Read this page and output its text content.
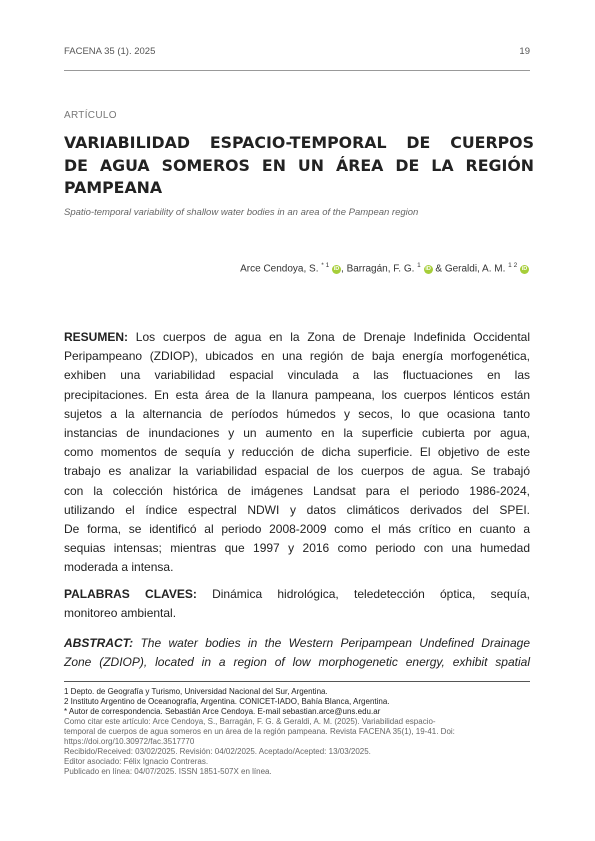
FACENA 35 (1). 2025	19
ARTÍCULO
VARIABILIDAD ESPACIO-TEMPORAL DE CUERPOS
DE AGUA SOMEROS EN UN ÁREA DE LA REGIÓN
PAMPEANA
Spatio-temporal variability of shallow water bodies in an area of the Pampean region
Arce Cendoya, S. $^{* 1}$ iD , Barragán, F. G. $^1$ iD & Geraldi, A. M. $^{1 2}$ iD
RESUMEN: Los cuerpos de agua en la Zona de Drenaje Indefinida Occidental
Peripampeano (ZDIOP), ubicados en una región de baja energía morfogenética,
exhiben una variabilidad espacial vinculada a las fluctuaciones en las
precipitaciones. En esta área de la llanura pampeana, los cuerpos lénticos están
sujetos a la alternancia de períodos húmedos y secos, lo que ocasiona tanto
instancias de inundaciones y un aumento en la superficie cubierta por agua,
como momentos de sequía y reducción de dicha superficie. El objetivo de este
trabajo es analizar la variabilidad espacial de los cuerpos de agua. Se trabajó
con la colección histórica de imágenes Landsat para el periodo 1986-2024,
utilizando el índice espectral NDWI y datos climáticos derivados del SPEI.
De forma, se identificó al periodo 2008-2009 como el más crítico en cuanto a
sequias intensas; mientras que 1997 y 2016 como periodo con una humedad
moderada a intensa.
PALABRAS CLAVES: Dinámica hidrológica, teledetección óptica, sequía,
monitoreo ambiental.
ABSTRACT: The water bodies in the Western Peripampean Undefined Drainage
Zone (ZDIOP), located in a region of low morphogenetic energy, exhibit spatial
1 Depto. de Geografía y Turismo, Universidad Nacional del Sur, Argentina.
2 Instituto Argentino de Oceanografía, Argentina. CONICET-IADO, Bahía Blanca, Argentina.
* Autor de correspondencia. Sebastián Arce Cendoya. E-mail sebastian.arce@uns.edu.ar
Como citar este artículo: Arce Cendoya, S., Barragán, F. G. & Geraldi, A. M. (2025). Variabilidad espacio-
temporal de cuerpos de agua someros en un área de la región pampeana. Revista FACENA 35(1), 19-41. Doi:
https://doi.org/10.30972/fac.3517770
Recibido/Received: 03/02/2025. Revisión: 04/02/2025. Aceptado/Acepted: 13/03/2025.
Editor asociado: Félix Ignacio Contreras.
Publicado en línea: 04/07/2025. ISSN 1851-507X en línea.
